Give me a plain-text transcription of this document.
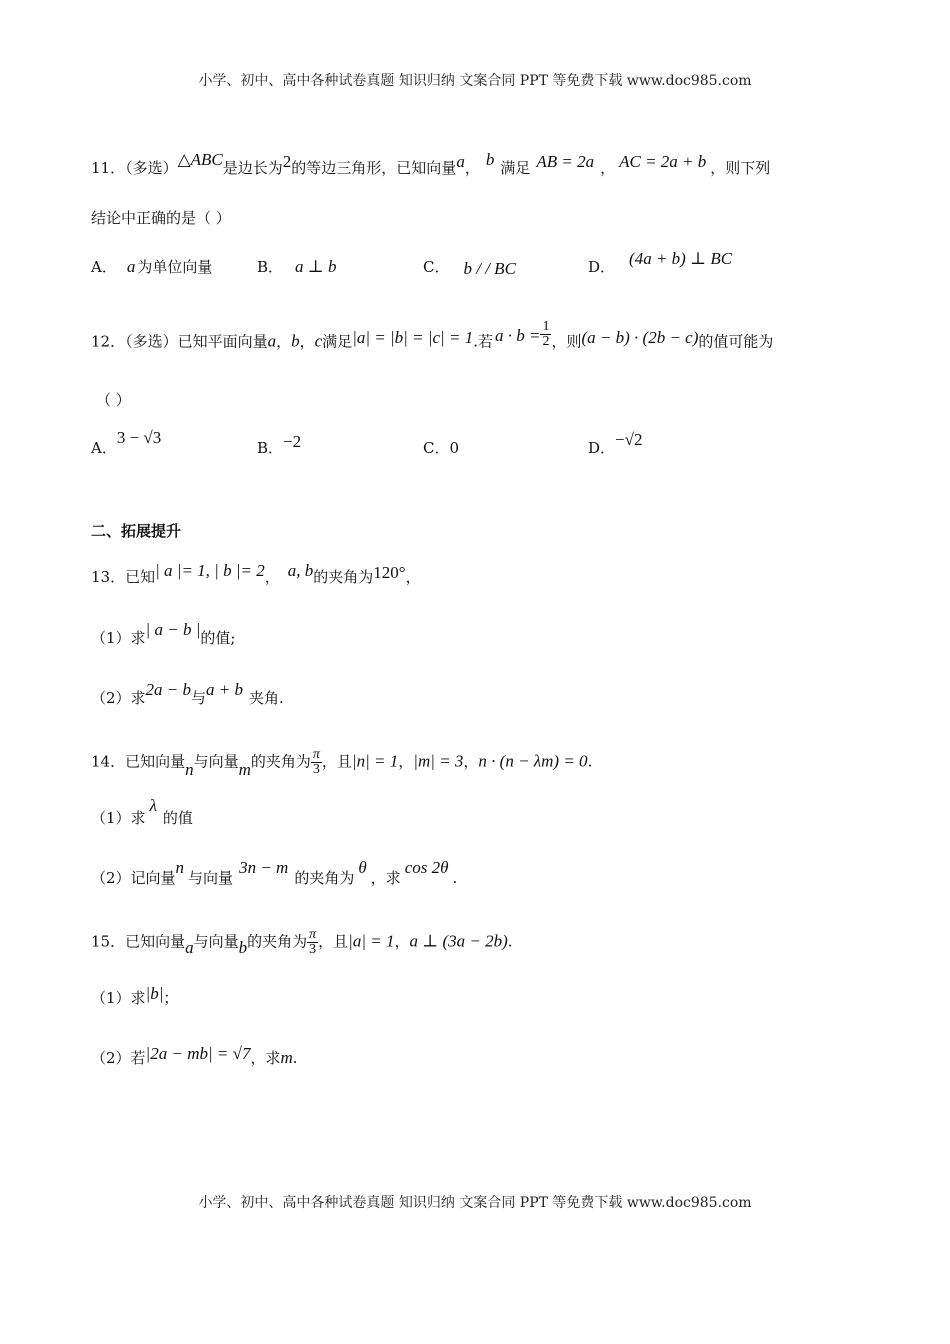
小学、初中、高中各种试卷真题 知识归纳 文案合同 PPT 等免费下载 www.doc985.com
11．（多选）△ABC是边长为2的等边三角形，已知向量a， b 满足 AB = 2a ， AC = 2a + b ，则下列
结论中正确的是（ ）
A． a 为单位向量	B． a ⊥ b	C． b / / BC	D． (4a + b) ⊥ BC
12．（多选）已知平面向量a，b，c满足|a| = |b| = |c| = 1.若 $a \cdot b = \frac{1}{2}$ ，则(a − b) · (2b − c)的值可能为
（ ）
A．3 − √3
B．−2	C．0	D．−√2
二、拓展提升
13．已知| a |= 1, | b |= 2， a, b的夹角为120°，
（1）求| a − b |的值;
（2）求2a − b与a + b 夹角.
14．已知向量n与向量m的夹角为 $\frac{\pi}{3}$ ，且|n| = 1，|m| = 3，n · (n − λm) = 0.
（1）求λ的值
（2）记向量n与向量3n − m的夹角为θ，求cos 2θ.
15．已知向量a与向量b的夹角为 $\frac{\pi}{3}$ ，且|a| = 1，a ⊥ (3a − 2b).
（1）求|b|；
（2）若|2a − mb| = √7，求m.
小学、初中、高中各种试卷真题 知识归纳 文案合同 PPT 等免费下载 www.doc985.com
